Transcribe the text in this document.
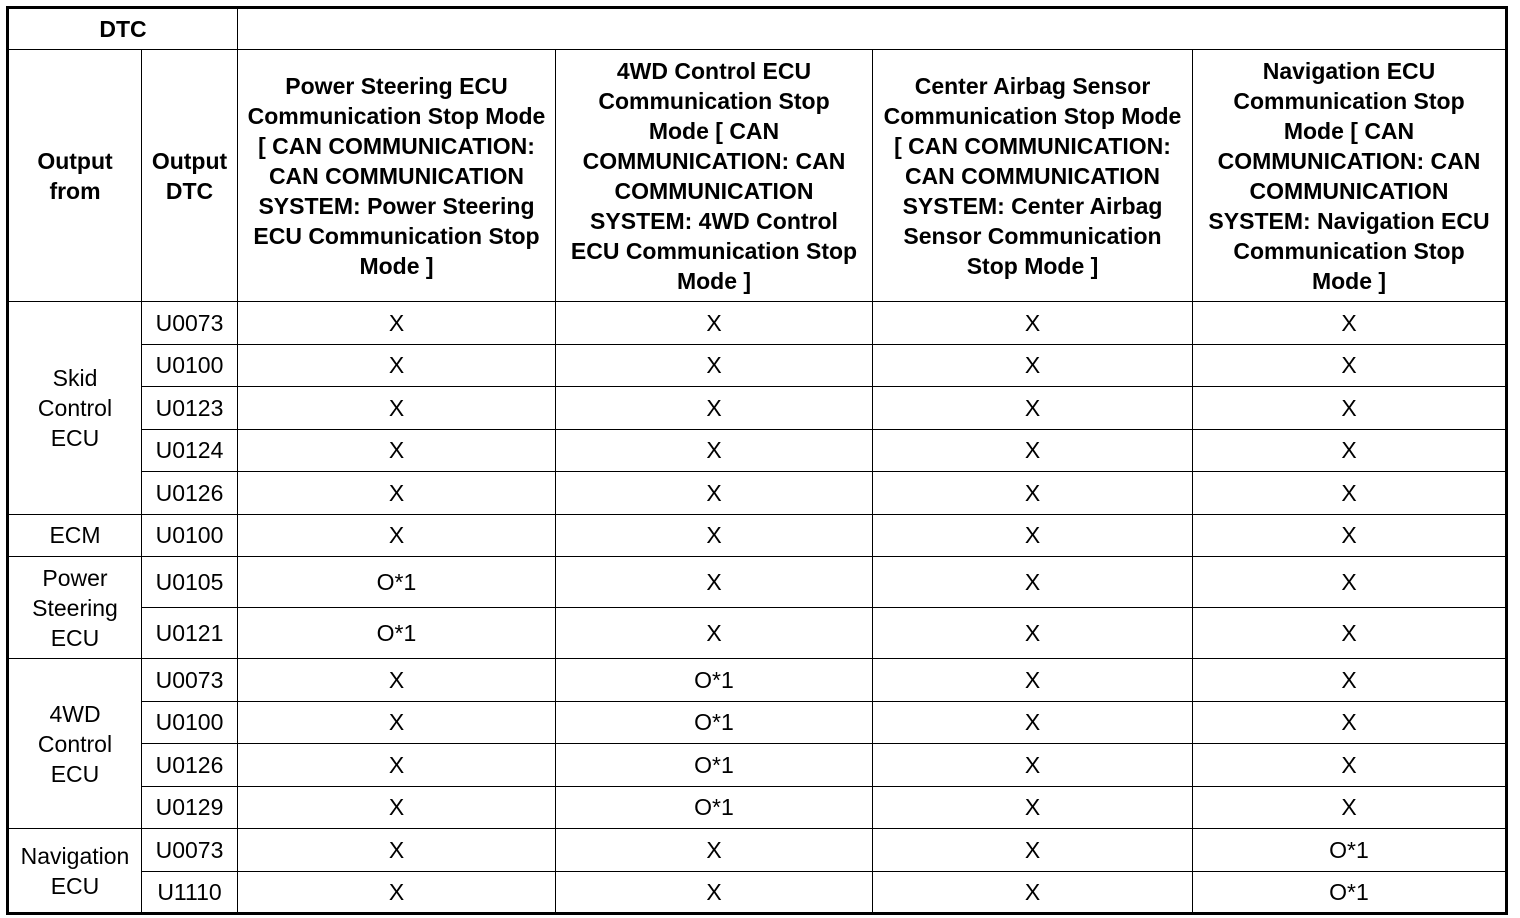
DTC					
Output from	Output DTC	Power Steering ECU Communication Stop Mode [ CAN COMMUNICATION: CAN COMMUNICATION SYSTEM: Power Steering ECU Communication Stop Mode ]	4WD Control ECU Communication Stop Mode [ CAN COMMUNICATION: CAN COMMUNICATION SYSTEM: 4WD Control ECU Communication Stop Mode ]	Center Airbag Sensor Communication Stop Mode [ CAN COMMUNICATION: CAN COMMUNICATION SYSTEM: Center Airbag Sensor Communication Stop Mode ]	Navigation ECU Communication Stop Mode [ CAN COMMUNICATION: CAN COMMUNICATION SYSTEM: Navigation ECU Communication Stop Mode ]
Skid Control ECU	U0073	X	X	X	X
	U0100	X	X	X	X
	U0123	X	X	X	X
	U0124	X	X	X	X
	U0126	X	X	X	X
ECM	U0100	X	X	X	X
Power Steering ECU	U0105	O*1	X	X	X
	U0121	O*1	X	X	X
4WD Control ECU	U0073	X	O*1	X	X
	U0100	X	O*1	X	X
	U0126	X	O*1	X	X
	U0129	X	O*1	X	X
Navigation ECU	U0073	X	X	X	O*1
	U1110	X	X	X	O*1
